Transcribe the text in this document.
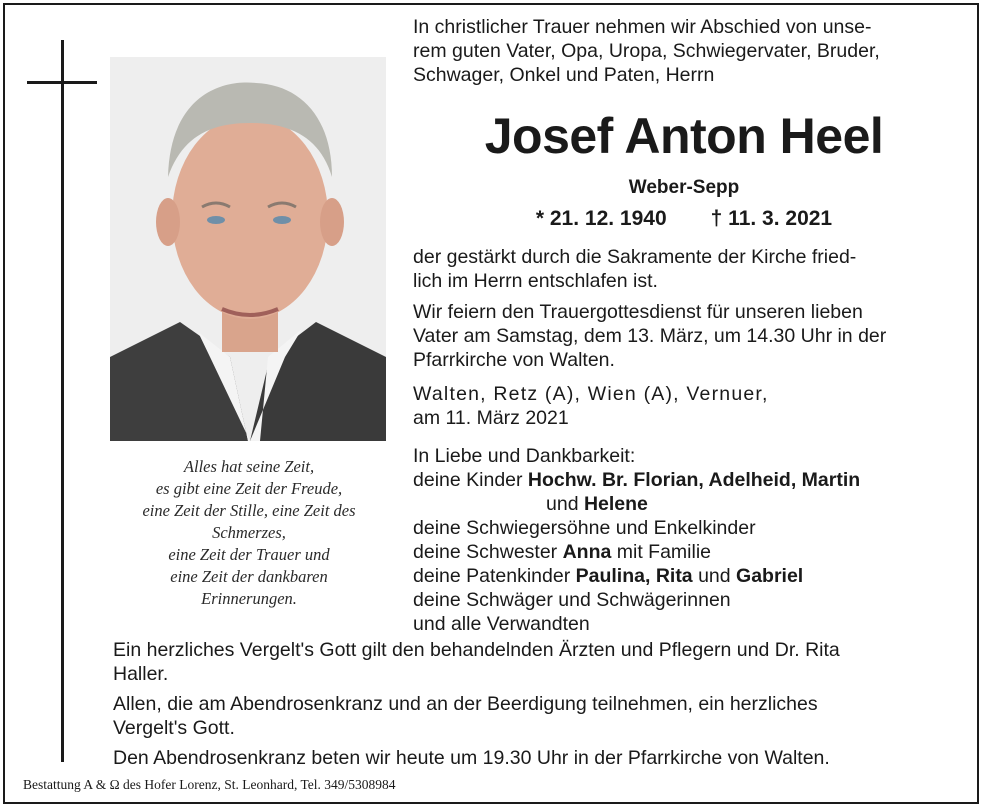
Alles hat seine Zeit,
es gibt eine Zeit der Freude,
eine Zeit der Stille, eine Zeit des
Schmerzes,
eine Zeit der Trauer und
eine Zeit der dankbaren
Erinnerungen.
In christlicher Trauer nehmen wir Abschied von unse-
rem guten Vater, Opa, Uropa, Schwiegervater, Bruder,
Schwager, Onkel und Paten, Herrn
Josef Anton Heel
Weber-Sepp
* 21. 12. 1940 † 11. 3. 2021
der gestärkt durch die Sakramente der Kirche fried-
lich im Herrn entschlafen ist.
Wir feiern den Trauergottesdienst für unseren lieben
Vater am Samstag, dem 13. März, um 14.30 Uhr in der
Pfarrkirche von Walten.
Walten, Retz (A), Wien (A), Vernuer,
am 11. März 2021
In Liebe und Dankbarkeit:
deine Kinder Hochw. Br. Florian, Adelheid, Martin
und Helene
deine Schwiegersöhne und Enkelkinder
deine Schwester Anna mit Familie
deine Patenkinder Paulina, Rita und Gabriel
deine Schwäger und Schwägerinnen
und alle Verwandten
Ein herzliches Vergelt's Gott gilt den behandelnden Ärzten und Pflegern und Dr. Rita
Haller.
Allen, die am Abendrosenkranz und an der Beerdigung teilnehmen, ein herzliches
Vergelt's Gott.
Den Abendrosenkranz beten wir heute um 19.30 Uhr in der Pfarrkirche von Walten.
Bestattung A & Ω des Hofer Lorenz, St. Leonhard, Tel. 349/5308984
